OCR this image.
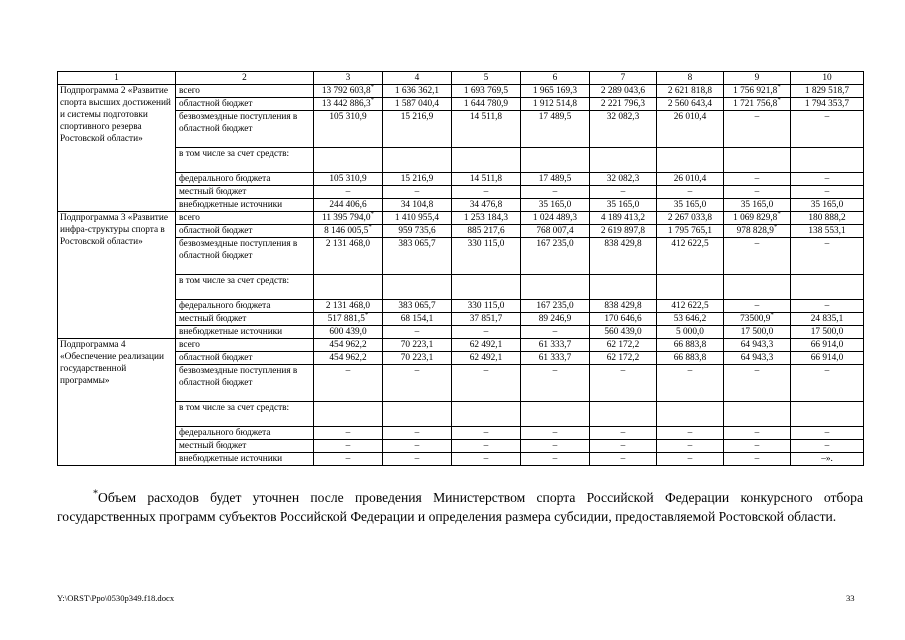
1	2	3	4	5	6	7	8	9	10
Подпрограмма 2 «Развитие спорта высших достижений и системы подготовки спортивного резерва Ростовской области»	всего	13 792 603,8*	1 636 362,1	1 693 769,5	1 965 169,3	2 289 043,6	2 621 818,8	1 756 921,8*	1 829 518,7
	областной бюджет	13 442 886,3*	1 587 040,4	1 644 780,9	1 912 514,8	2 221 796,3	2 560 643,4	1 721 756,8*	1 794 353,7
	безвозмездные поступления в областной бюджет	105 310,9	15 216,9	14 511,8	17 489,5	32 082,3	26 010,4	–	–
	в том числе за счет средств:								
	федерального бюджета	105 310,9	15 216,9	14 511,8	17 489,5	32 082,3	26 010,4	–	–
	местный бюджет	–	–	–	–	–	–	–	–
	внебюджетные источники	244 406,6	34 104,8	34 476,8	35 165,0	35 165,0	35 165,0	35 165,0	35 165,0
Подпрограмма 3 «Развитие инфра-структуры спорта в Ростовской области»	всего	11 395 794,0*	1 410 955,4	1 253 184,3	1 024 489,3	4 189 413,2	2 267 033,8	1 069 829,8*	180 888,2
	областной бюджет	8 146 005,5*	959 735,6	885 217,6	768 007,4	2 619 897,8	1 795 765,1	978 828,9*	138 553,1
	безвозмездные поступления в областной бюджет	2 131 468,0	383 065,7	330 115,0	167 235,0	838 429,8	412 622,5	–	–
	в том числе за счет средств:								
	федерального бюджета	2 131 468,0	383 065,7	330 115,0	167 235,0	838 429,8	412 622,5	–	–
	местный бюджет	517 881,5*	68 154,1	37 851,7	89 246,9	170 646,6	53 646,2	73500,9*	24 835,1
	внебюджетные источники	600 439,0	–	–	–	560 439,0	5 000,0	17 500,0	17 500,0
Подпрограмма 4 «Обеспечение реализации государственной программы»	всего	454 962,2	70 223,1	62 492,1	61 333,7	62 172,2	66 883,8	64 943,3	66 914,0
	областной бюджет	454 962,2	70 223,1	62 492,1	61 333,7	62 172,2	66 883,8	64 943,3	66 914,0
	безвозмездные поступления в областной бюджет	–	–	–	–	–	–	–	–
	в том числе за счет средств:								
	федерального бюджета	–	–	–	–	–	–	–	–
	местный бюджет	–	–	–	–	–	–	–	–
	внебюджетные источники	–	–	–	–	–	–	–	–».
*Объем расходов будет уточнен после проведения Министерством спорта Российской Федерации конкурсного отбора государственных программ субъектов Российской Федерации и определения размера субсидии, предоставляемой Ростовской области.
Y:\ORST\Ppo\0530p349.f18.docx	33
